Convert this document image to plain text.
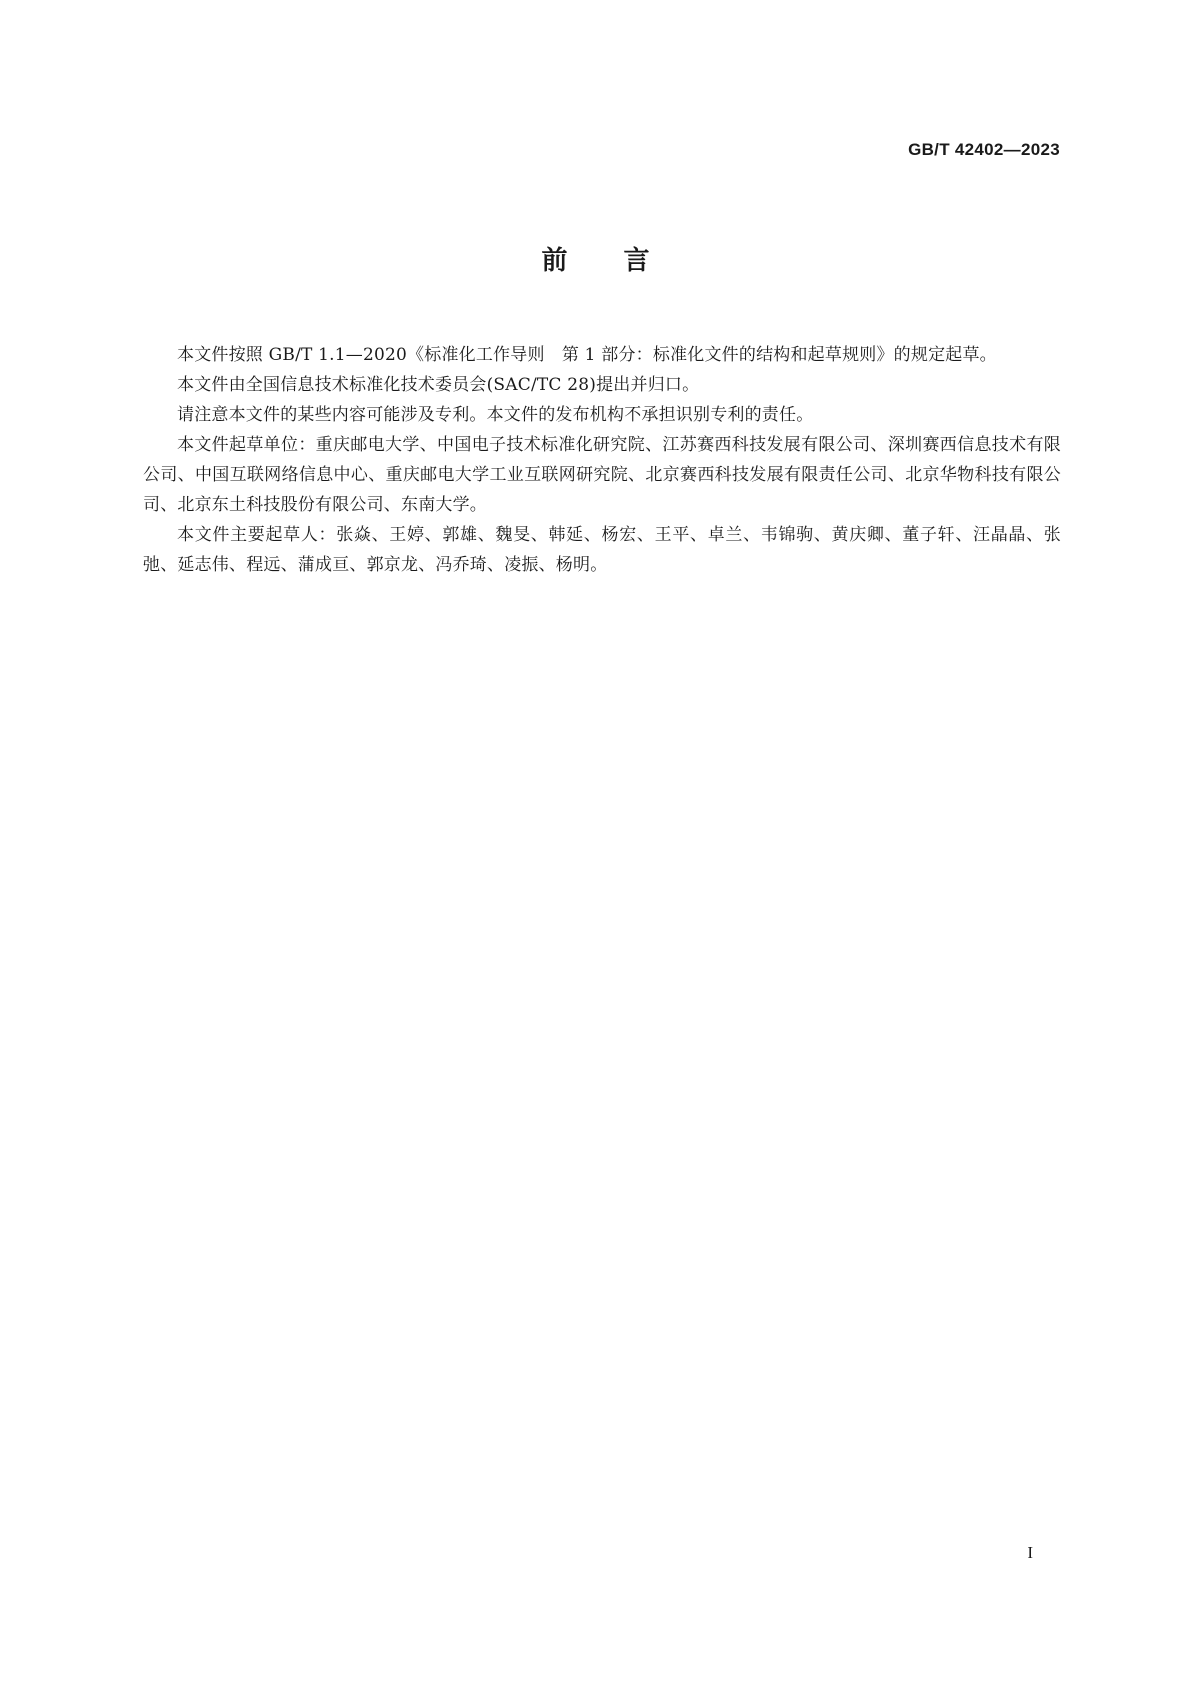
GB/T 42402—2023
前言

本文件按照 GB/T 1.1—2020《标准化工作导则　第 1 部分：标准化文件的结构和起草规则》的规定起草。

本文件由全国信息技术标准化技术委员会(SAC/TC 28)提出并归口。

请注意本文件的某些内容可能涉及专利。本文件的发布机构不承担识别专利的责任。

本文件起草单位：重庆邮电大学、中国电子技术标准化研究院、江苏赛西科技发展有限公司、深圳赛西信息技术有限公司、中国互联网络信息中心、重庆邮电大学工业互联网研究院、北京赛西科技发展有限责任公司、北京华物科技有限公司、北京东土科技股份有限公司、东南大学。

本文件主要起草人：张焱、王婷、郭雄、魏旻、韩延、杨宏、王平、卓兰、韦锦驹、黄庆卿、董子轩、汪晶晶、张弛、延志伟、程远、蒲成亘、郭京龙、冯乔琦、凌振、杨明。

I
